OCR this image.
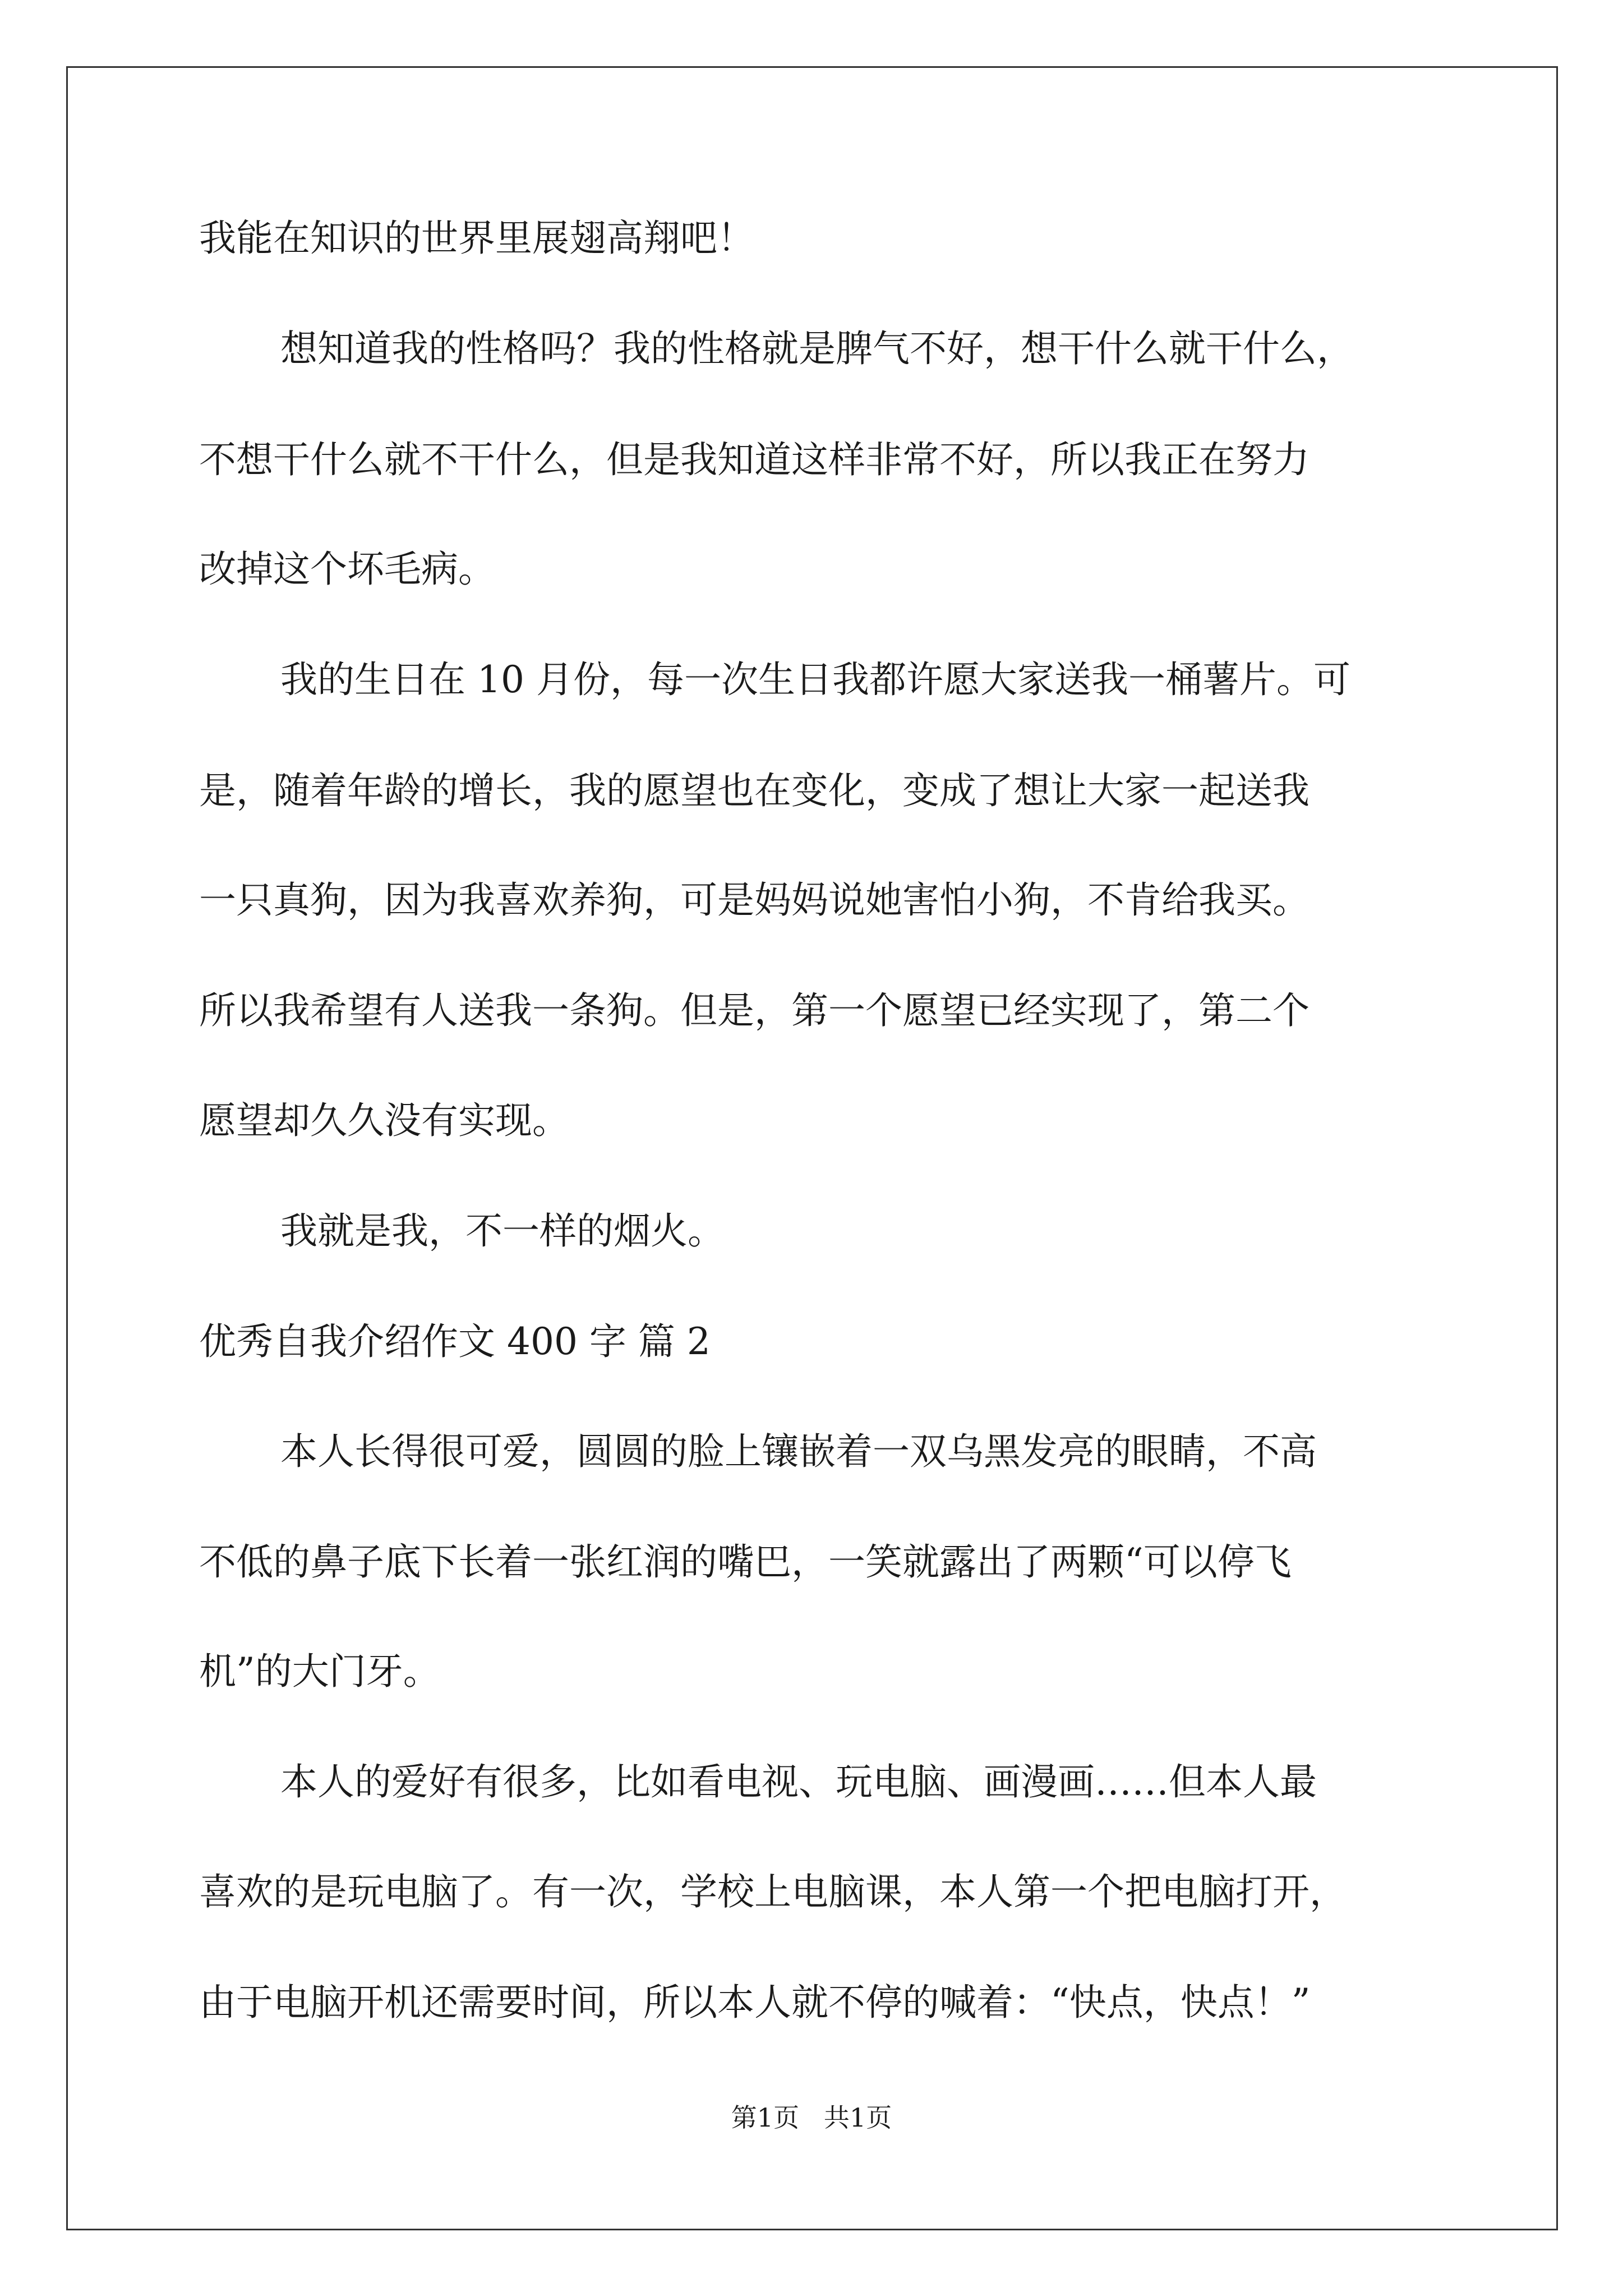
我能在知识的世界里展翅高翔吧！

想知道我的性格吗？我的性格就是脾气不好，想干什么就干什么，

不想干什么就不干什么，但是我知道这样非常不好，所以我正在努力

改掉这个坏毛病。

我的生日在 10 月份，每一次生日我都许愿大家送我一桶薯片。可

是，随着年龄的增长，我的愿望也在变化，变成了想让大家一起送我

一只真狗，因为我喜欢养狗，可是妈妈说她害怕小狗，不肯给我买。

所以我希望有人送我一条狗。但是，第一个愿望已经实现了，第二个

愿望却久久没有实现。

我就是我，不一样的烟火。

优秀自我介绍作文 400 字 篇 2

本人长得很可爱，圆圆的脸上镶嵌着一双乌黑发亮的眼睛，不高

不低的鼻子底下长着一张红润的嘴巴，一笑就露出了两颗“可以停飞

机”的大门牙。

本人的爱好有很多，比如看电视、玩电脑、画漫画……但本人最

喜欢的是玩电脑了。有一次，学校上电脑课，本人第一个把电脑打开，

由于电脑开机还需要时间，所以本人就不停的喊着：“快点，快点！”

第1页   共1页
